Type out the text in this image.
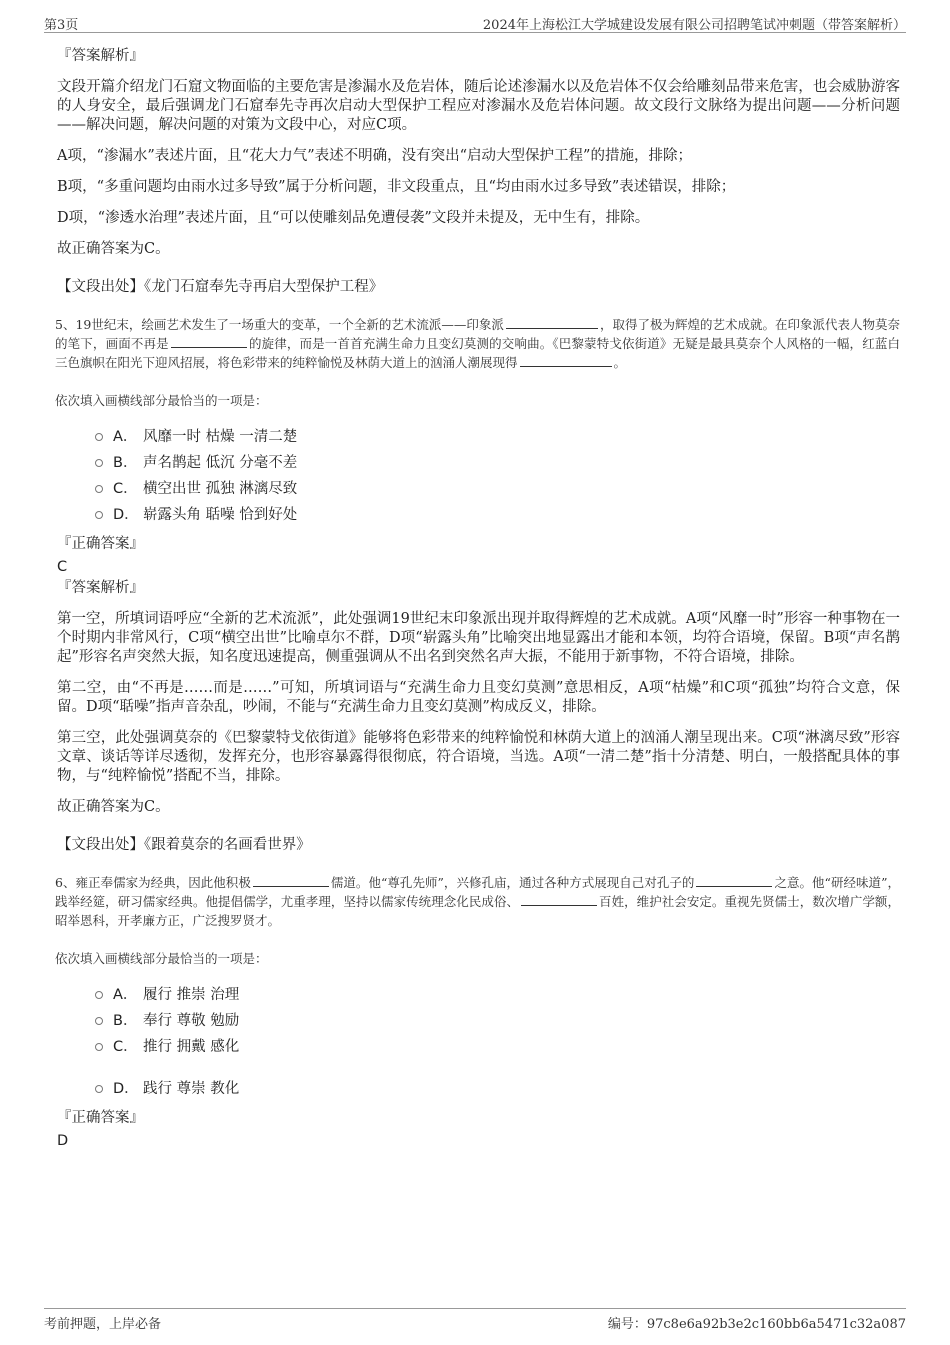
第3页	2024年上海松江大学城建设发展有限公司招聘笔试冲刺题（带答案解析）
『答案解析』

文段开篇介绍龙门石窟文物面临的主要危害是渗漏水及危岩体，随后论述渗漏水以及危岩体不仅会给雕刻品带来危害，也会威胁游客的人身安全，最后强调龙门石窟奉先寺再次启动大型保护工程应对渗漏水及危岩体问题。故文段行文脉络为提出问题——分析问题——解决问题，解决问题的对策为文段中心，对应C项。

A项，“渗漏水”表述片面，且“花大力气”表述不明确，没有突出“启动大型保护工程”的措施，排除；

B项，“多重问题均由雨水过多导致”属于分析问题，非文段重点，且“均由雨水过多导致”表述错误，排除；

D项，“渗透水治理”表述片面，且“可以使雕刻品免遭侵袭”文段并未提及，无中生有，排除。

故正确答案为C。

【文段出处】《龙门石窟奉先寺再启大型保护工程》

5、19世纪末，绘画艺术发生了一场重大的变革，一个全新的艺术流派——印象派	，取得了极为辉煌的艺术成就。在印象派代表人物莫奈的笔下，画面不再是	的旋律，而是一首首充满生命力且变幻莫测的交响曲。《巴黎蒙特戈依街道》无疑是最具莫奈个人风格的一幅，红蓝白三色旗帜在阳光下迎风招展，将色彩带来的纯粹愉悦及林荫大道上的汹涌人潮展现得	。

依次填入画横线部分最恰当的一项是：
A． 风靡一时 枯燥 一清二楚
B． 声名鹊起 低沉 分毫不差
C． 横空出世 孤独 淋漓尽致
D． 崭露头角 聒噪 恰到好处
『正确答案』
C
『答案解析』

第一空，所填词语呼应“全新的艺术流派”，此处强调19世纪末印象派出现并取得辉煌的艺术成就。A项“风靡一时”形容一种事物在一个时期内非常风行，C项“横空出世”比喻卓尔不群，D项“崭露头角”比喻突出地显露出才能和本领，均符合语境，保留。B项“声名鹊起”形容名声突然大振，知名度迅速提高，侧重强调从不出名到突然名声大振，不能用于新事物，不符合语境，排除。

第二空，由“不再是……而是……”可知，所填词语与“充满生命力且变幻莫测”意思相反，A项“枯燥”和C项“孤独”均符合文意，保留。D项“聒噪”指声音杂乱，吵闹，不能与“充满生命力且变幻莫测”构成反义，排除。

第三空，此处强调莫奈的《巴黎蒙特戈依街道》能够将色彩带来的纯粹愉悦和林荫大道上的汹涌人潮呈现出来。C项“淋漓尽致”形容文章、谈话等详尽透彻，发挥充分，也形容暴露得很彻底，符合语境，当选。A项“一清二楚”指十分清楚、明白，一般搭配具体的事物，与“纯粹愉悦”搭配不当，排除。

故正确答案为C。

【文段出处】《跟着莫奈的名画看世界》

6、雍正奉儒家为经典，因此他积极	儒道。他“尊孔先师”，兴修孔庙，通过各种方式展现自己对孔子的	之意。他“研经味道”，践举经筵，研习儒家经典。他提倡儒学，尤重孝理，坚持以儒家传统理念化民成俗、	百姓，维护社会安定。重视先贤儒士，数次增广学额，昭举恩科，开孝廉方正，广泛搜罗贤才。

依次填入画横线部分最恰当的一项是：
A． 履行 推崇 治理
B． 奉行 尊敬 勉励
C． 推行 拥戴 感化
D． 践行 尊崇 教化
『正确答案』
D
考前押题，上岸必备	编号：97c8e6a92b3e2c160bb6a5471c32a087
